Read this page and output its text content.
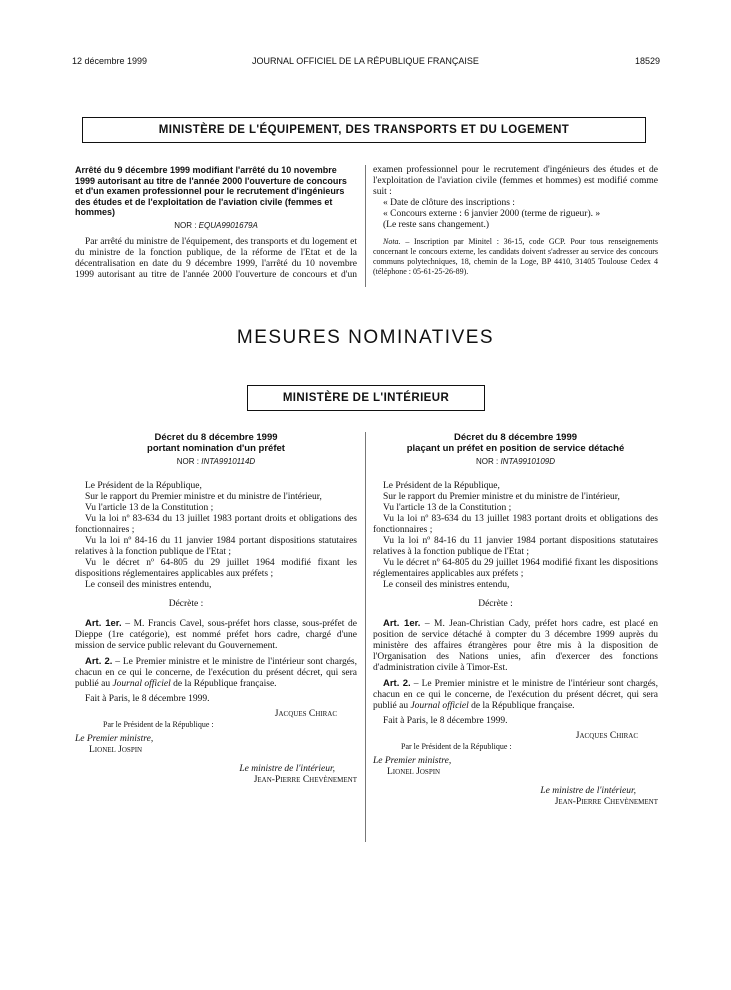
12 décembre 1999	JOURNAL OFFICIEL DE LA RÉPUBLIQUE FRANÇAISE	18529
MINISTÈRE DE L'ÉQUIPEMENT, DES TRANSPORTS ET DU LOGEMENT
Arrêté du 9 décembre 1999 modifiant l'arrêté du 10 novembre 1999 autorisant au titre de l'année 2000 l'ouverture de concours et d'un examen professionnel pour le recrutement d'ingénieurs des études et de l'exploitation de l'aviation civile (femmes et hommes)
NOR : EQUA9901679A

Par arrêté du ministre de l'équipement, des transports et du logement et du ministre de la fonction publique, de la réforme de l'Etat et de la décentralisation en date du 9 décembre 1999, l'arrêté du 10 novembre 1999 autorisant au titre de l'année 2000 l'ouverture de concours et d'un

examen professionnel pour le recrutement d'ingénieurs des études et de l'exploitation de l'aviation civile (femmes et hommes) est modifié comme suit :

« Date de clôture des inscriptions :

« Concours externe : 6 janvier 2000 (terme de rigueur). »

(Le reste sans changement.)

Nota. – Inscription par Minitel : 36-15, code GCP. Pour tous renseignements concernant le concours externe, les candidats doivent s'adresser au service des concours communs polytechniques, 18, chemin de la Loge, BP 4410, 31405 Toulouse Cedex 4 (téléphone : 05-61-25-26-89).

MESURES NOMINATIVES
MINISTÈRE DE L'INTÉRIEUR
Décret du 8 décembre 1999
portant nomination d'un préfet
NOR : INTA9910114D

Le Président de la République,

Sur le rapport du Premier ministre et du ministre de l'intérieur,

Vu l'article 13 de la Constitution ;

Vu la loi nº 83-634 du 13 juillet 1983 portant droits et obligations des fonctionnaires ;

Vu la loi nº 84-16 du 11 janvier 1984 portant dispositions statutaires relatives à la fonction publique de l'Etat ;

Vu le décret nº 64-805 du 29 juillet 1964 modifié fixant les dispositions réglementaires applicables aux préfets ;

Le conseil des ministres entendu,

Décrète :

Art. 1er. – M. Francis Cavel, sous-préfet hors classe, sous-préfet de Dieppe (1re catégorie), est nommé préfet hors cadre, chargé d'une mission de service public relevant du Gouvernement.

Art. 2. – Le Premier ministre et le ministre de l'intérieur sont chargés, chacun en ce qui le concerne, de l'exécution du présent décret, qui sera publié au Journal officiel de la République française.

Fait à Paris, le 8 décembre 1999.

Jacques Chirac

Par le Président de la République :

Le Premier ministre,

Lionel Jospin

Le ministre de l'intérieur,

Jean-Pierre Chevènement

Décret du 8 décembre 1999
plaçant un préfet en position de service détaché
NOR : INTA9910109D

Le Président de la République,

Sur le rapport du Premier ministre et du ministre de l'intérieur,

Vu l'article 13 de la Constitution ;

Vu la loi nº 83-634 du 13 juillet 1983 portant droits et obligations des fonctionnaires ;

Vu la loi nº 84-16 du 11 janvier 1984 portant dispositions statutaires relatives à la fonction publique de l'Etat ;

Vu le décret nº 64-805 du 29 juillet 1964 modifié fixant les dispositions réglementaires applicables aux préfets ;

Le conseil des ministres entendu,

Décrète :

Art. 1er. – M. Jean-Christian Cady, préfet hors cadre, est placé en position de service détaché à compter du 3 décembre 1999 auprès du ministère des affaires étrangères pour être mis à la disposition de l'Organisation des Nations unies, afin d'exercer des fonctions d'administration civile à Timor-Est.

Art. 2. – Le Premier ministre et le ministre de l'intérieur sont chargés, chacun en ce qui le concerne, de l'exécution du présent décret, qui sera publié au Journal officiel de la République française.

Fait à Paris, le 8 décembre 1999.

Jacques Chirac

Par le Président de la République :

Le Premier ministre,

Lionel Jospin

Le ministre de l'intérieur,

Jean-Pierre Chevènement
